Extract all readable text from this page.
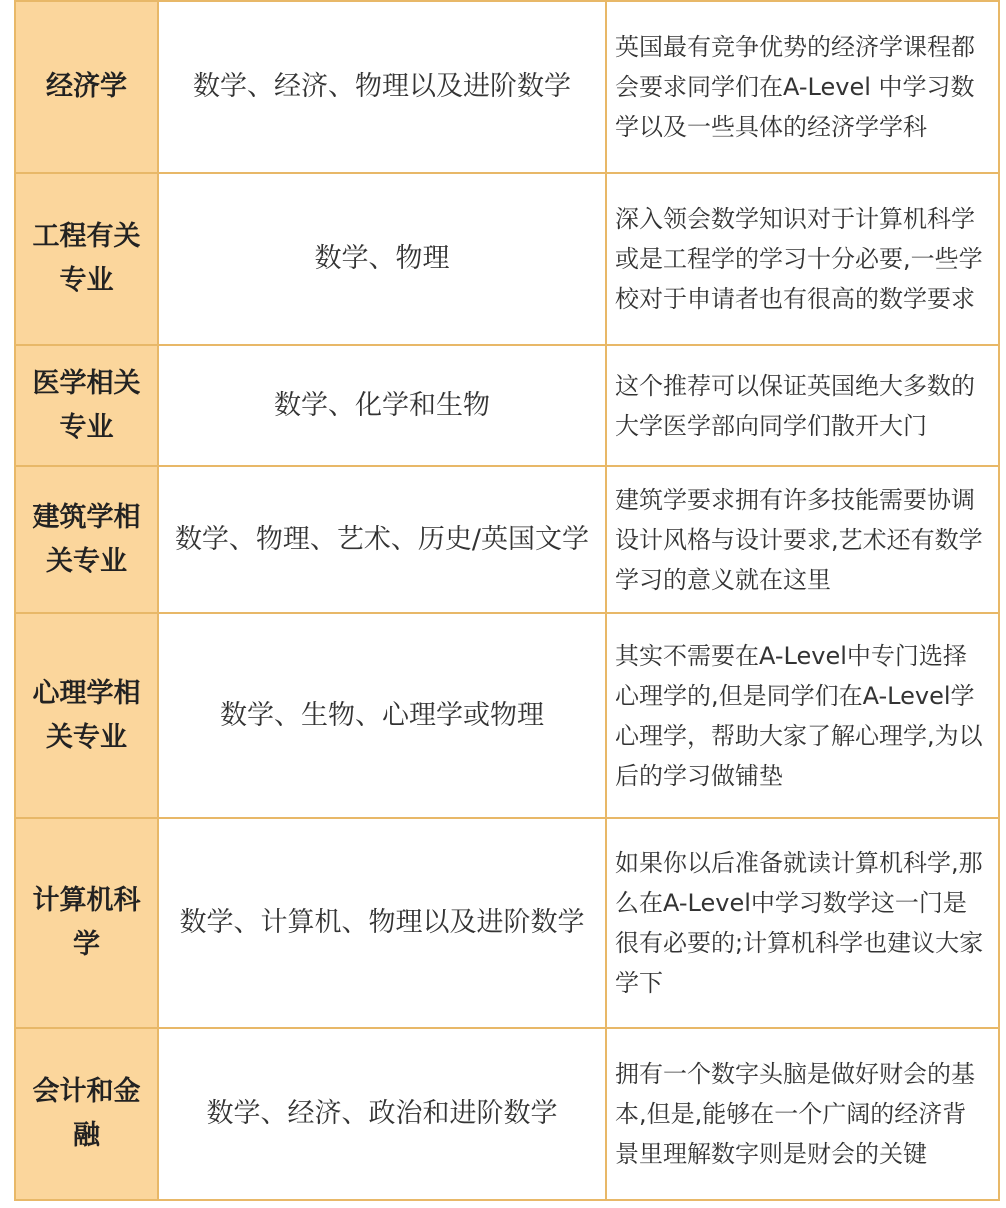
经济学	数学、经济、物理以及进阶数学	英国最有竞争优势的经济学课程都会要求同学们在A-Level 中学习数学以及一些具体的经济学学科

工程有关专业	数学、物理	深入领会数学知识对于计算机科学或是工程学的学习十分必要,一些学校对于申请者也有很高的数学要求

医学相关专业	数学、化学和生物	这个推荐可以保证英国绝大多数的大学医学部向同学们散开大门

建筑学相关专业	数学、物理、艺术、历史/英国文学	建筑学要求拥有许多技能需要协调设计风格与设计要求,艺术还有数学学习的意义就在这里

心理学相关专业	数学、生物、心理学或物理	其实不需要在A-Level中专门选择心理学的,但是同学们在A-Level学心理学，帮助大家了解心理学,为以后的学习做铺垫

计算机科学	数学、计算机、物理以及进阶数学	如果你以后准备就读计算机科学,那么在A-Level中学习数学这一门是很有必要的;计算机科学也建议大家学下

会计和金融	数学、经济、政治和进阶数学	拥有一个数字头脑是做好财会的基本,但是,能够在一个广阔的经济背景里理解数字则是财会的关键
